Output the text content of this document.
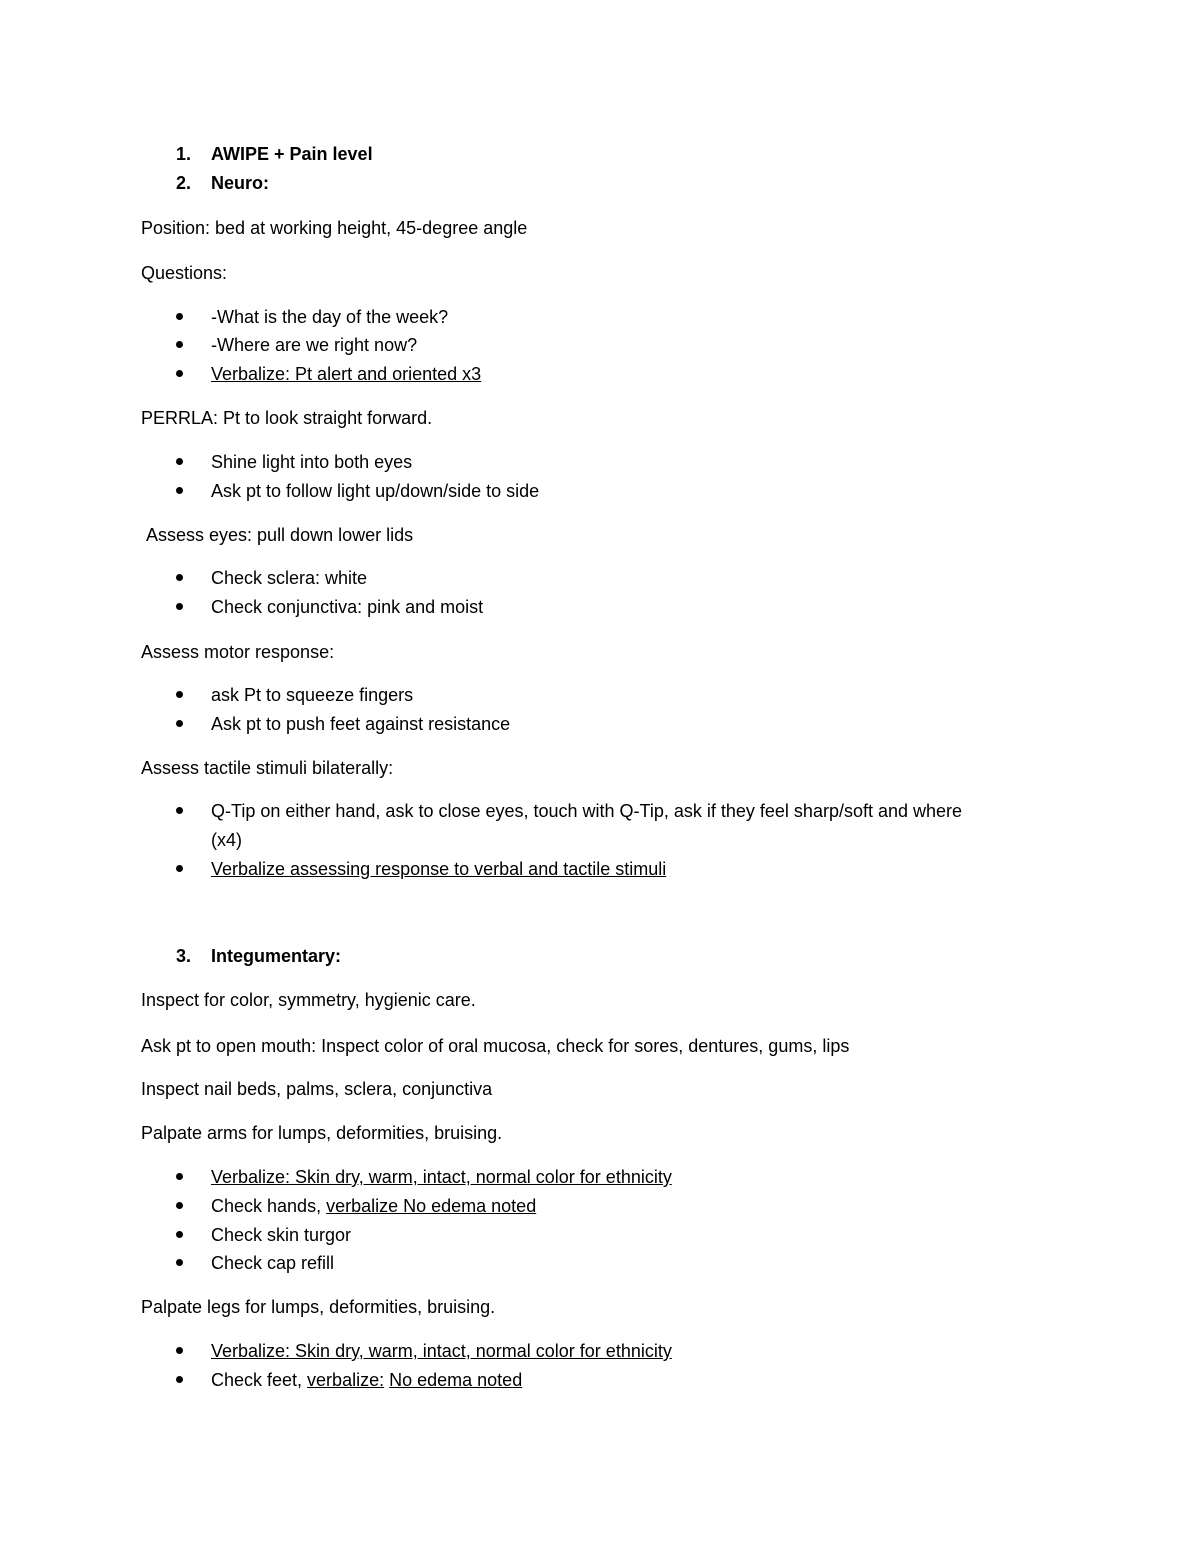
1. AWIPE + Pain level
2. Neuro:
Position: bed at working height, 45-degree angle
Questions:
-What is the day of the week?
-Where are we right now?
Verbalize: Pt alert and oriented x3
PERRLA: Pt to look straight forward.
Shine light into both eyes
Ask pt to follow light up/down/side to side
Assess eyes: pull down lower lids
Check sclera: white
Check conjunctiva: pink and moist
Assess motor response:
ask Pt to squeeze fingers
Ask pt to push feet against resistance
Assess tactile stimuli bilaterally:
Q-Tip on either hand, ask to close eyes, touch with Q-Tip, ask if they feel sharp/soft and where
(x4)
Verbalize assessing response to verbal and tactile stimuli
3. Integumentary:
Inspect for color, symmetry, hygienic care.
Ask pt to open mouth: Inspect color of oral mucosa, check for sores, dentures, gums, lips
Inspect nail beds, palms, sclera, conjunctiva
Palpate arms for lumps, deformities, bruising.
Verbalize: Skin dry, warm, intact, normal color for ethnicity
Check hands, verbalize No edema noted
Check skin turgor
Check cap refill
Palpate legs for lumps, deformities, bruising.
Verbalize: Skin dry, warm, intact, normal color for ethnicity
Check feet, verbalize: No edema noted
